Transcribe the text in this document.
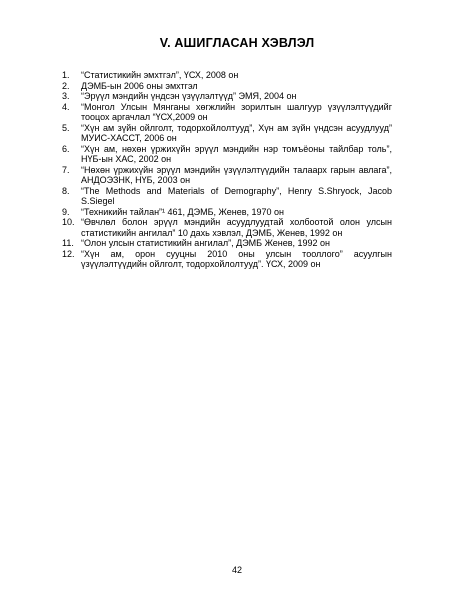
V. АШИГЛАСАН ХЭВЛЭЛ
1. “Статистикийн эмхтгэл”, ҮСХ, 2008 он
2. ДЭМБ-ын 2006 оны эмхтгэл
3. “Эрүүл мэндийн үндсэн үзүүлэлтүүд” ЭМЯ, 2004 он
4. “Монгол Улсын Мянганы хөгжлийн зорилтын шалгуур үзүүлэлтүүдийг тооцох аргачлал “ҮСХ,2009 он
5. “Хүн ам зүйн ойлголт, тодорхойлолтууд”, Хүн ам зүйн үндсэн асуудлууд” МУИС-ХАССТ, 2006 он
6. “Хүн ам, нөхөн үржихүйн эрүүл мэндийн нэр томъёоны тайлбар толь”, НҮБ-ын ХАС, 2002 он
7. “Нөхөн үржихүйн эрүүл мэндийн үзүүлэлтүүдийн талаарх гарын авлага”, АНДОЭЗНК, НҮБ, 2003 он
8. “The Methods and Materials of Demography”, Henry S.Shryock, Jacob S.Siegel
9. “Техникийн тайлан”¹ 461, ДЭМБ, Женев, 1970 он
10. “Өвчлөл болон эрүүл мэндийн асуудлуудтай холбоотой олон улсын статистикийн ангилал” 10 дахь хэвлэл, ДЭМБ, Женев, 1992 он
11. “Олон улсын статистикийн ангилал”, ДЭМБ Женев, 1992 он
12. “Хүн ам, орон сууцны 2010 оны улсын тооллого” асуулгын үзүүлэлтүүдийн ойлголт, тодорхойлолтууд”. ҮСХ, 2009 он
42
